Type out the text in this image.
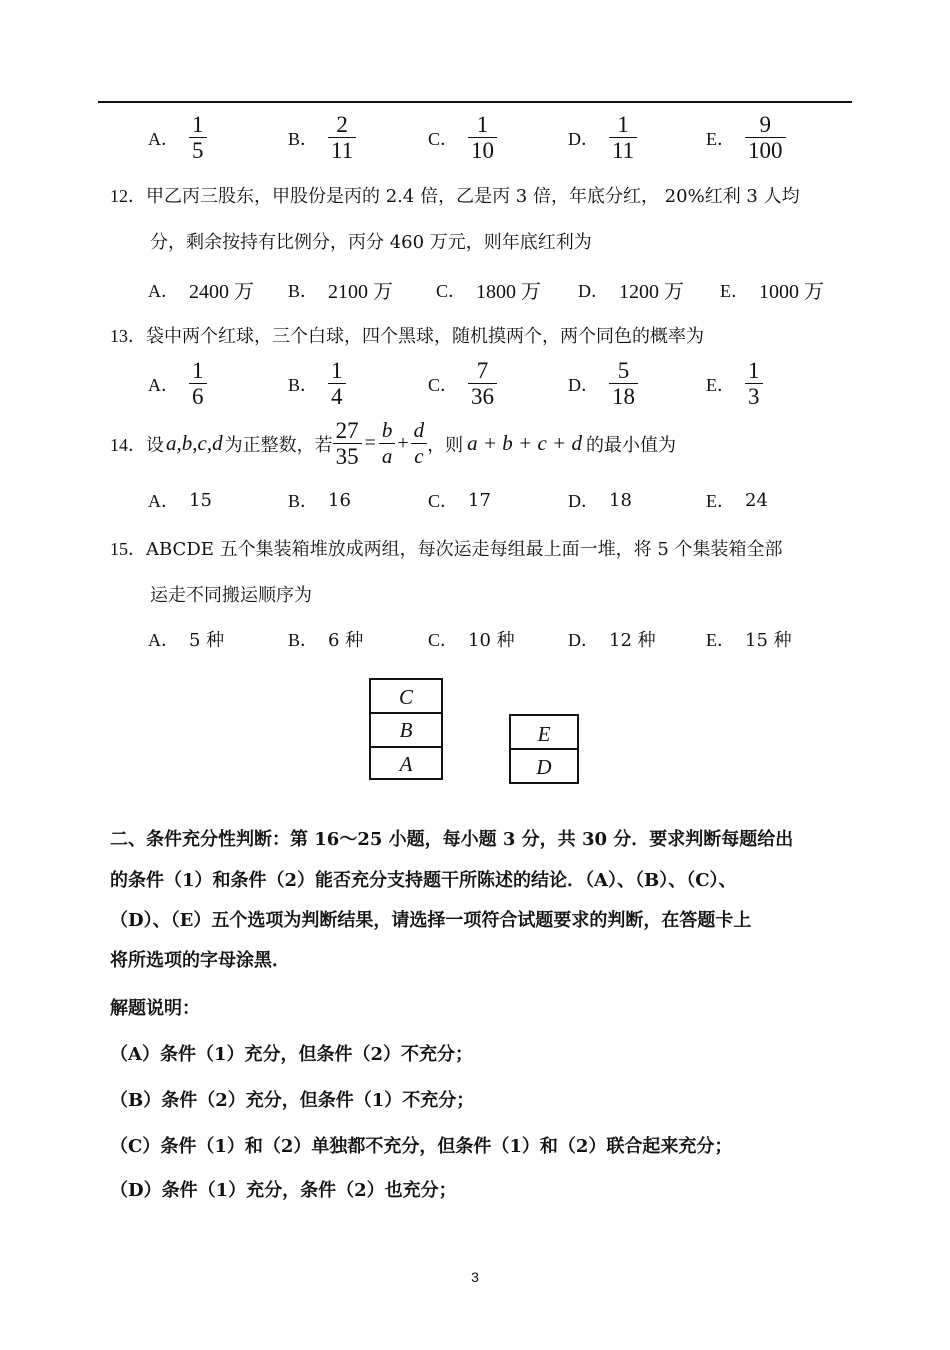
A． $\frac{1}{5}$	B． $\frac{2}{11}$	C． $\frac{1}{10}$	D． $\frac{1}{11}$	E． $\frac{9}{100}$
12．甲乙丙三股东，甲股份是丙的 2.4 倍，乙是丙 3 倍，年底分红， 20%红利 3 人均
分，剩余按持有比例分，丙分 460 万元，则年底红利为
A． 2400 万 B． 2100 万 C． 1800 万 D． 1200 万 E． 1000 万
13．袋中两个红球，三个白球，四个黑球，随机摸两个，两个同色的概率为
A． $\frac{1}{6}$	B． $\frac{1}{4}$	C． $\frac{7}{36}$	D． $\frac{5}{18}$	E． $\frac{1}{3}$
14． 设 a,b,c,d 为正整数，若 $\frac{27}{35} = \frac{b}{a} + \frac{d}{c}$ ，则 a + b + c + d 的最小值为
A． 15	B． 16	C． 17	D． 18	E． 24
15．ABCDE 五个集装箱堆放成两组，每次运走每组最上面一堆，将 5 个集装箱全部
运走不同搬运顺序为
A． 5 种	B． 6 种	C． 10 种	D． 12 种	E． 15 种
C
B
A
E
D
二、条件充分性判断：第 16～25 小题，每小题 3 分，共 30 分．要求判断每题给出
的条件（1）和条件（2）能否充分支持题干所陈述的结论．（A）、（B）、（C）、
（D）、（E）五个选项为判断结果，请选择一项符合试题要求的判断，在答题卡上
将所选项的字母涂黑．
解题说明：
（A）条件（1）充分，但条件（2）不充分；
（B）条件（2）充分，但条件（1）不充分；
（C）条件（1）和（2）单独都不充分，但条件（1）和（2）联合起来充分；
（D）条件（1）充分，条件（2）也充分；
3
